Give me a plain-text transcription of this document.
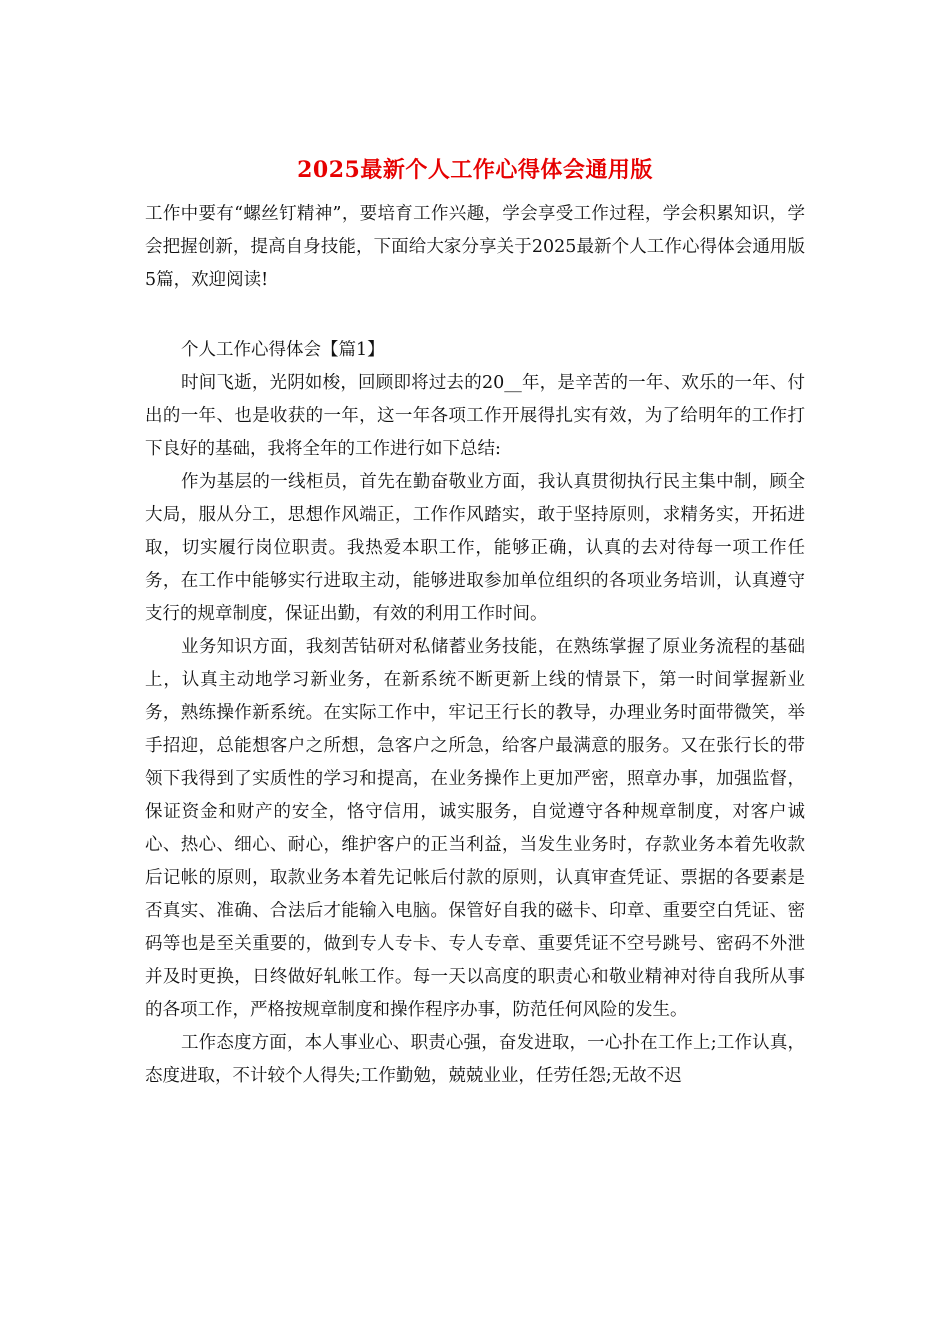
2025最新个人工作心得体会通用版

工作中要有“螺丝钉精神”，要培育工作兴趣，学会享受工作过程，学会积累知识，学会把握创新，提高自身技能，下面给大家分享关于2025最新个人工作心得体会通用版5篇，欢迎阅读!

个人工作心得体会【篇1】

时间飞逝，光阴如梭，回顾即将过去的20__年，是辛苦的一年、欢乐的一年、付出的一年、也是收获的一年，这一年各项工作开展得扎实有效，为了给明年的工作打下良好的基础，我将全年的工作进行如下总结:

作为基层的一线柜员，首先在勤奋敬业方面，我认真贯彻执行民主集中制，顾全大局，服从分工，思想作风端正，工作作风踏实，敢于坚持原则，求精务实，开拓进取，切实履行岗位职责。我热爱本职工作，能够正确，认真的去对待每一项工作任务，在工作中能够实行进取主动，能够进取参加单位组织的各项业务培训，认真遵守支行的规章制度，保证出勤，有效的利用工作时间。

业务知识方面，我刻苦钻研对私储蓄业务技能，在熟练掌握了原业务流程的基础上，认真主动地学习新业务，在新系统不断更新上线的情景下，第一时间掌握新业务，熟练操作新系统。在实际工作中，牢记王行长的教导，办理业务时面带微笑，举手招迎，总能想客户之所想，急客户之所急，给客户最满意的服务。又在张行长的带领下我得到了实质性的学习和提高，在业务操作上更加严密，照章办事，加强监督，保证资金和财产的安全，恪守信用，诚实服务，自觉遵守各种规章制度，对客户诚心、热心、细心、耐心，维护客户的正当利益，当发生业务时，存款业务本着先收款后记帐的原则，取款业务本着先记帐后付款的原则，认真审查凭证、票据的各要素是否真实、准确、合法后才能输入电脑。保管好自我的磁卡、印章、重要空白凭证、密码等也是至关重要的，做到专人专卡、专人专章、重要凭证不空号跳号、密码不外泄并及时更换，日终做好轧帐工作。每一天以高度的职责心和敬业精神对待自我所从事的各项工作，严格按规章制度和操作程序办事，防范任何风险的发生。

工作态度方面，本人事业心、职责心强，奋发进取，一心扑在工作上;工作认真，态度进取，不计较个人得失;工作勤勉，兢兢业业，任劳任怨;无故不迟
